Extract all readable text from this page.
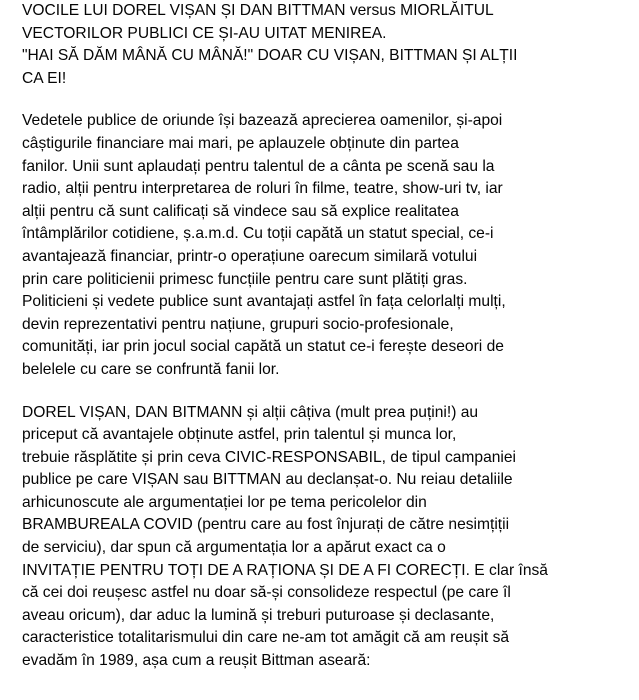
VOCILE LUI DOREL VIȘAN ȘI DAN BITTMAN versus MIORLĂITUL
VECTORILOR PUBLICI CE ȘI-AU UITAT MENIREA.
"HAI SĂ DĂM MÂNĂ CU MÂNĂ!" DOAR CU VIȘAN, BITTMAN ȘI ALȚII
CA EI!
Vedetele publice de oriunde își bazează aprecierea oamenilor, și-apoi
câștigurile financiare mai mari, pe aplauzele obținute din partea
fanilor. Unii sunt aplaudați pentru talentul de a cânta pe scenă sau la
radio, alții pentru interpretarea de roluri în filme, teatre, show-uri tv, iar
alții pentru că sunt calificați să vindece sau să explice realitatea
întâmplărilor cotidiene, ș.a.m.d. Cu toții capătă un statut special, ce-i
avantajează financiar, printr-o operațiune oarecum similară votului
prin care politicienii primesc funcțiile pentru care sunt plătiți gras.
Politicieni și vedete publice sunt avantajați astfel în fața celorlalți mulți,
devin reprezentativi pentru națiune, grupuri socio-profesionale,
comunități, iar prin jocul social capătă un statut ce-i ferește deseori de
belelele cu care se confruntă fanii lor.
DOREL VIȘAN, DAN BITMANN și alții câțiva (mult prea puțini!) au
priceput că avantajele obținute astfel, prin talentul și munca lor,
trebuie răsplătite și prin ceva CIVIC-RESPONSABIL, de tipul campaniei
publice pe care VIȘAN sau BITTMAN au declanșat-o. Nu reiau detaliile
arhicunoscute ale argumentației lor pe tema pericolelor din
BRAMBUREALA COVID (pentru care au fost înjurați de către nesimțiții
de serviciu), dar spun că argumentația lor a apărut exact ca o
INVITAȚIE PENTRU TOȚI DE A RAȚIONA ȘI DE A FI CORECȚI. E clar însă
că cei doi reușesc astfel nu doar să-și consolideze respectul (pe care îl
aveau oricum), dar aduc la lumină și treburi puturoase și declasante,
caracteristice totalitarismului din care ne-am tot amăgit că am reușit să
evadăm în 1989, așa cum a reușit Bittman aseară:
